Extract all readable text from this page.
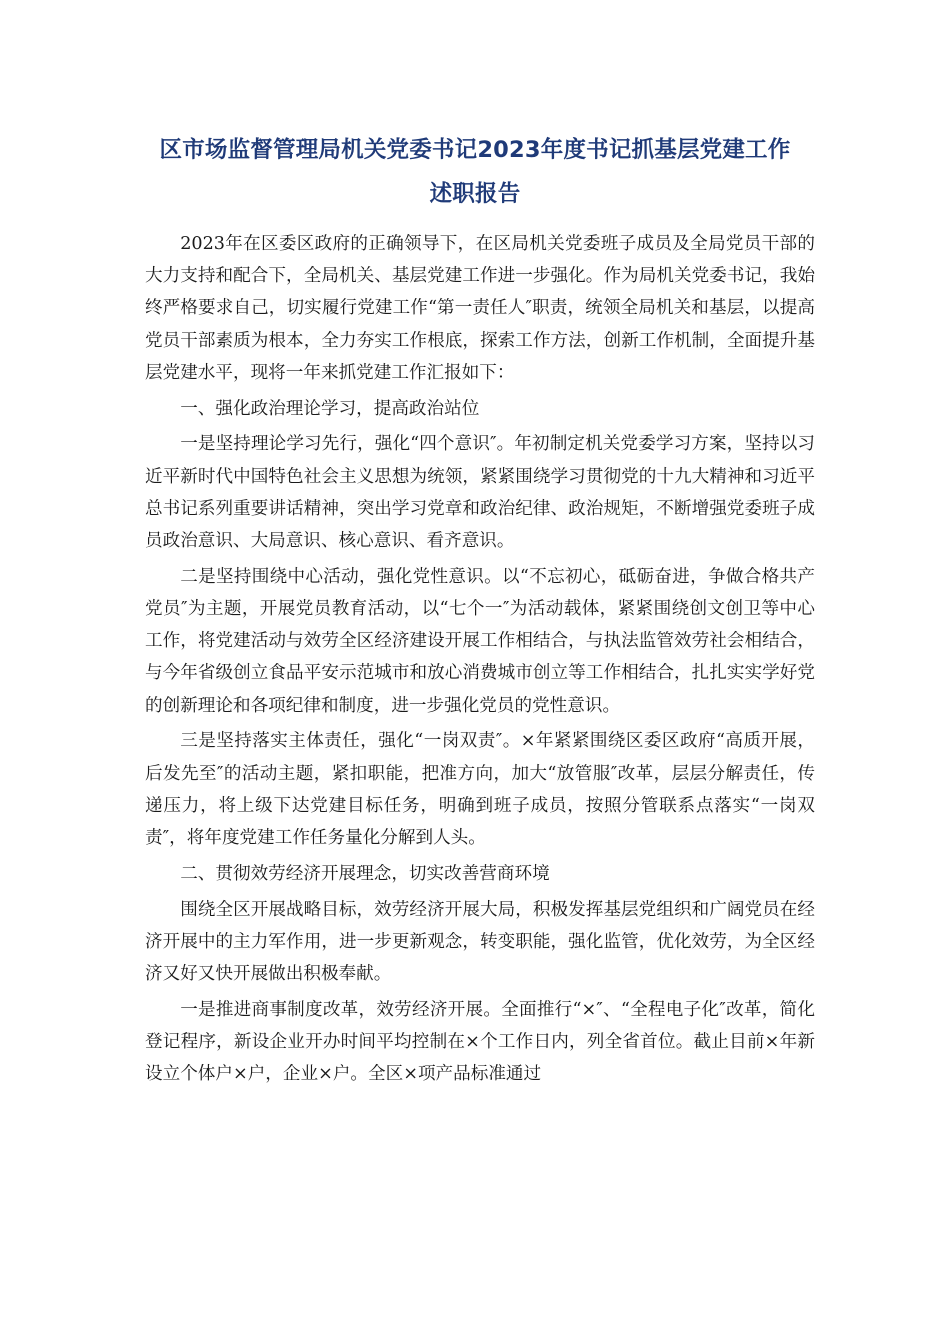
区市场监督管理局机关党委书记2023年度书记抓基层党建工作
述职报告

2023年在区委区政府的正确领导下，在区局机关党委班子成员及全局党员干部的大力支持和配合下，全局机关、基层党建工作进一步强化。作为局机关党委书记，我始终严格要求自己，切实履行党建工作“第一责任人″职责，统领全局机关和基层，以提高党员干部素质为根本，全力夯实工作根底，探索工作方法，创新工作机制，全面提升基层党建水平，现将一年来抓党建工作汇报如下：

一、强化政治理论学习，提高政治站位

一是坚持理论学习先行，强化“四个意识″。年初制定机关党委学习方案，坚持以习近平新时代中国特色社会主义思想为统领，紧紧围绕学习贯彻党的十九大精神和习近平总书记系列重要讲话精神，突出学习党章和政治纪律、政治规矩，不断增强党委班子成员政治意识、大局意识、核心意识、看齐意识。

二是坚持围绕中心活动，强化党性意识。以“不忘初心，砥砺奋进，争做合格共产党员″为主题，开展党员教育活动，以“七个一″为活动载体，紧紧围绕创文创卫等中心工作，将党建活动与效劳全区经济建设开展工作相结合，与执法监管效劳社会相结合，与今年省级创立食品平安示范城市和放心消费城市创立等工作相结合，扎扎实实学好党的创新理论和各项纪律和制度，进一步强化党员的党性意识。

三是坚持落实主体责任，强化“一岗双责″。×年紧紧围绕区委区政府“高质开展，后发先至″的活动主题，紧扣职能，把准方向，加大“放管服″改革，层层分解责任，传递压力，将上级下达党建目标任务，明确到班子成员，按照分管联系点落实“一岗双责″，将年度党建工作任务量化分解到人头。

二、贯彻效劳经济开展理念，切实改善营商环境

围绕全区开展战略目标，效劳经济开展大局，积极发挥基层党组织和广阔党员在经济开展中的主力军作用，进一步更新观念，转变职能，强化监管，优化效劳，为全区经济又好又快开展做出积极奉献。

一是推进商事制度改革，效劳经济开展。全面推行“×″、“全程电子化″改革，简化登记程序，新设企业开办时间平均控制在×个工作日内，列全省首位。截止目前×年新设立个体户×户，企业×户。全区×项产品标准通过
